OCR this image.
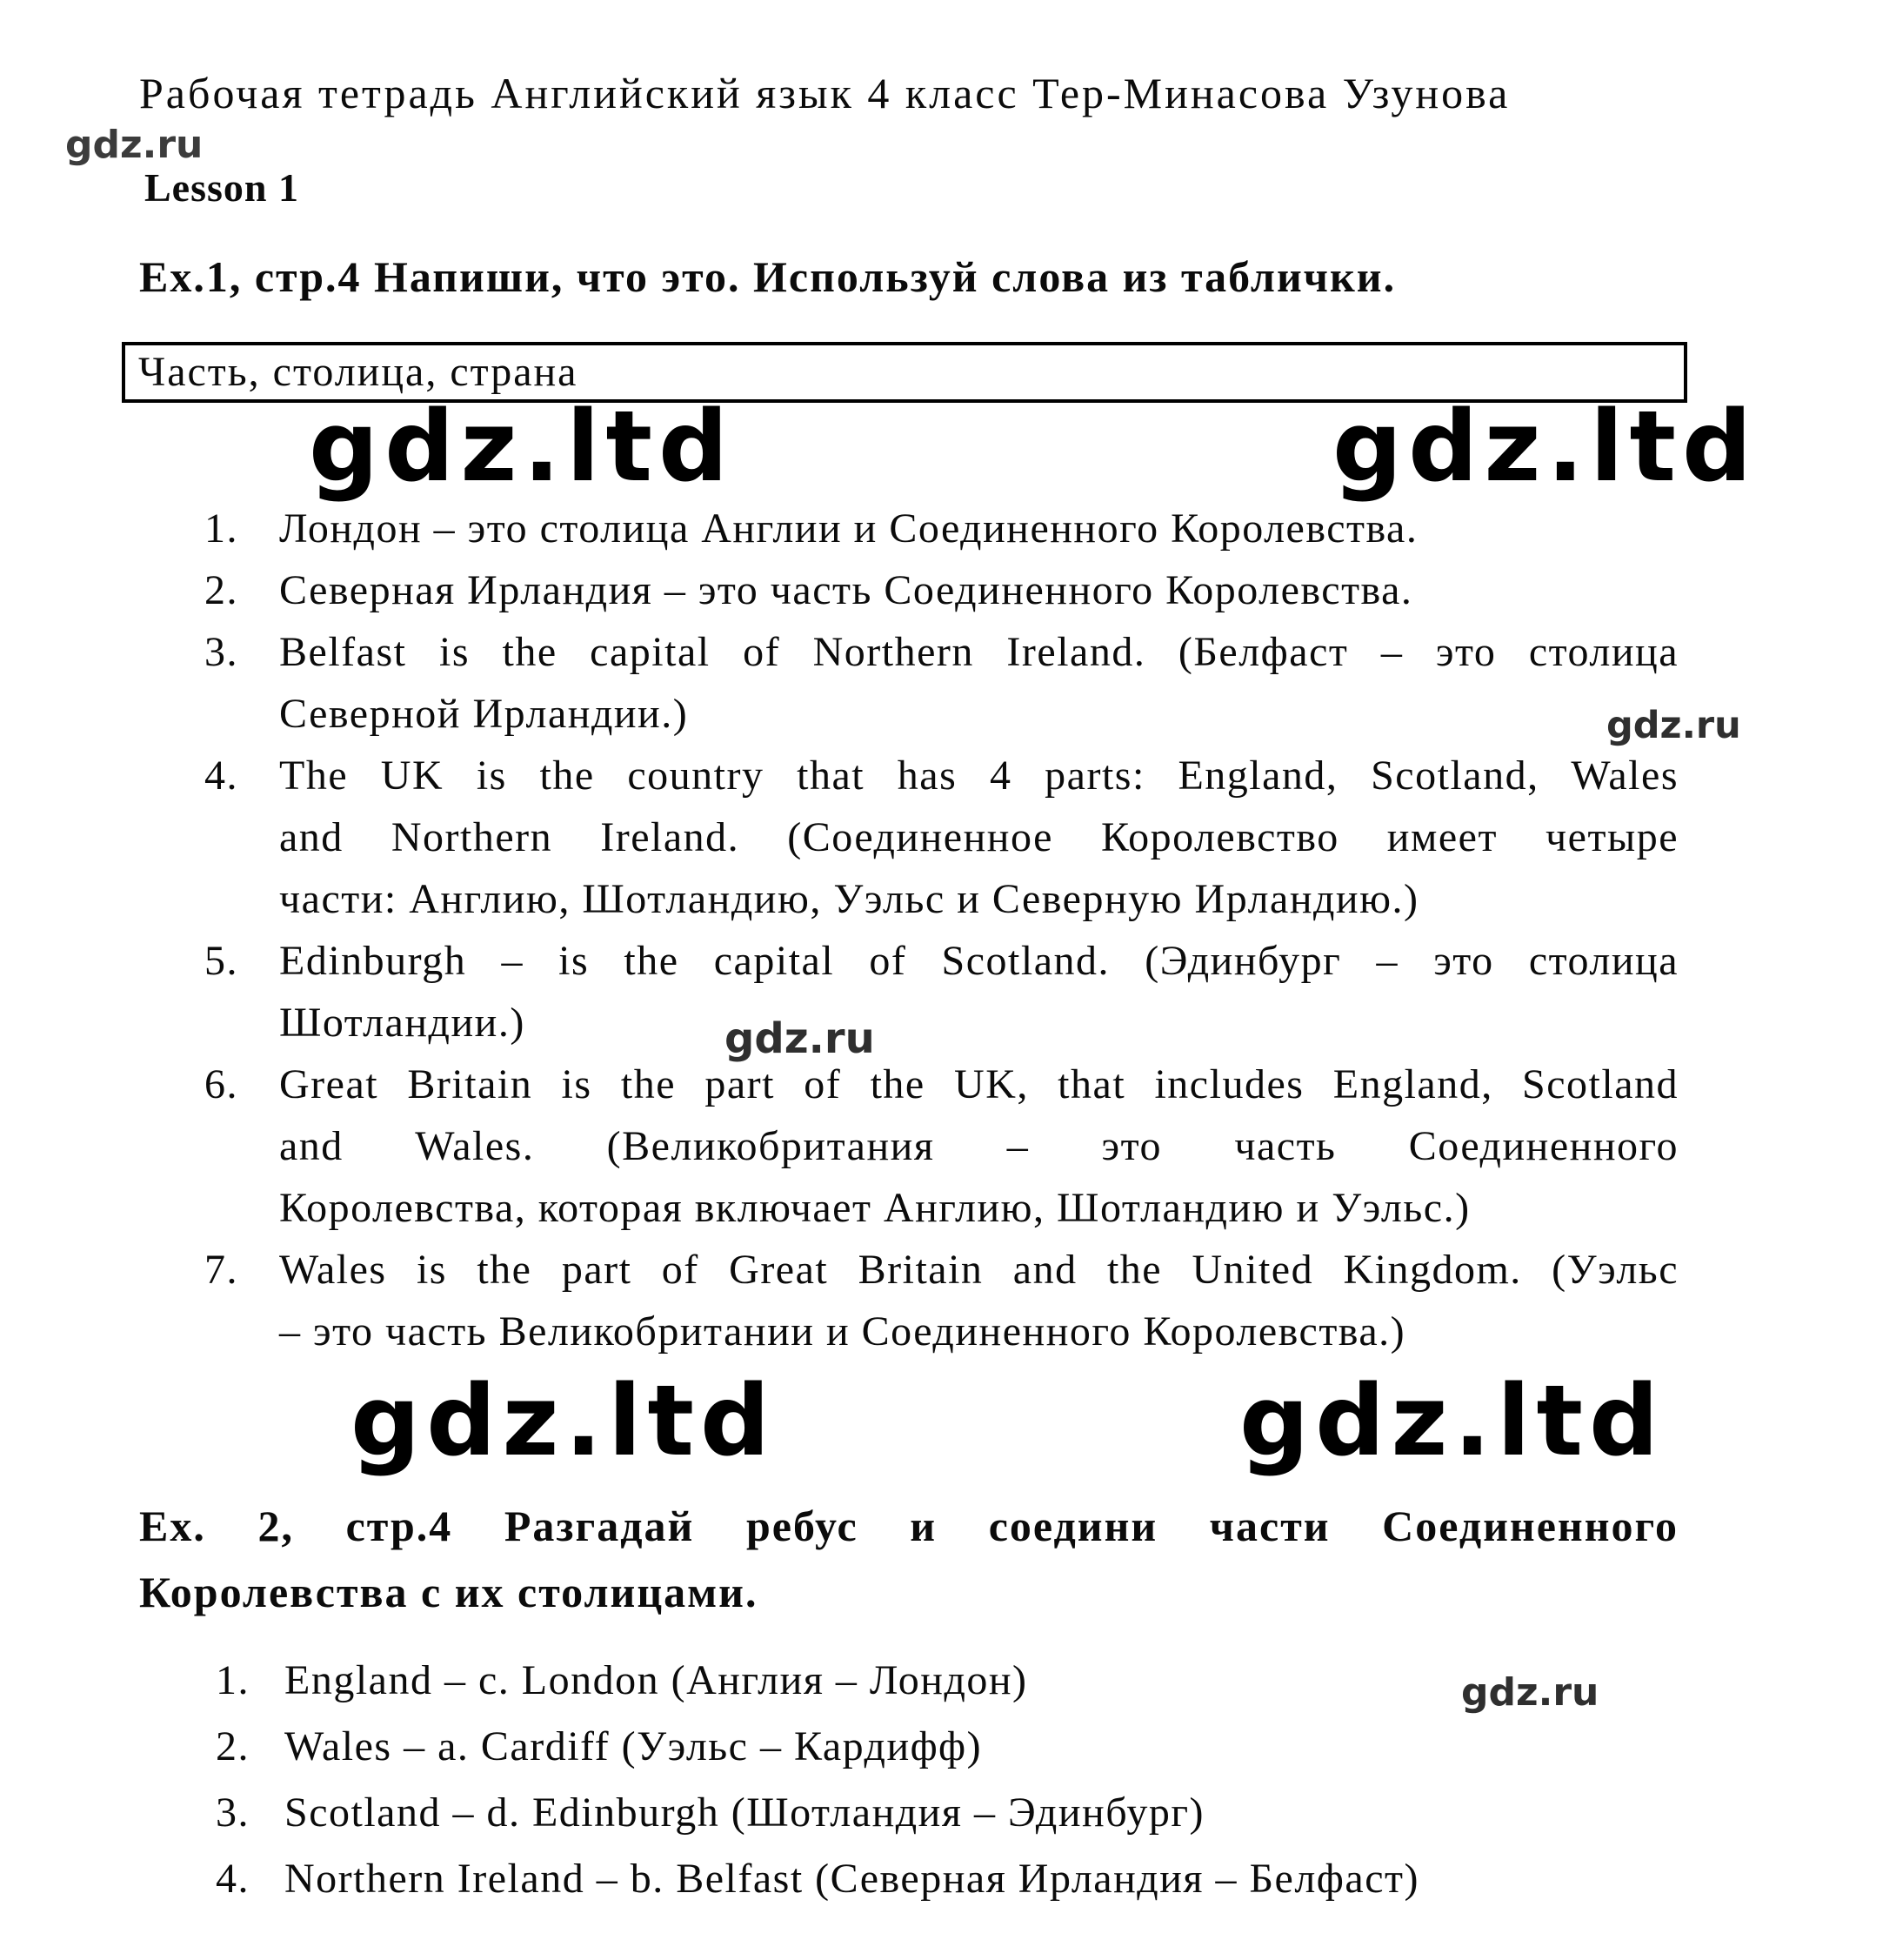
Рабочая тетрадь Английский язык 4 класс Тер-Минасова Узунова
gdz.ru
Lesson 1
Ex.1, стр.4 Напиши, что это. Используй слова из таблички.
Часть, столица, страна
gdz.ltd	gdz.ltd
gdz.ltd	gdz.ltd
gdz.ru
gdz.ru
gdz.ru
1. Лондон – это столица Англии и Соединенного Королевства.
2. Северная Ирландия – это часть Соединенного Королевства.
3. Belfast is the capital of Northern Ireland. (Белфаст – это столица
Северной Ирландии.)
4. The UK is the country that has 4 parts: England, Scotland, Wales
and Northern Ireland. (Соединенное Королевство имеет четыре
части: Англию, Шотландию, Уэльс и Северную Ирландию.)
5. Edinburgh – is the capital of Scotland. (Эдинбург – это столица
Шотландии.)
6. Great Britain is the part of the UK, that includes England, Scotland
and Wales. (Великобритания – это часть Соединенного
Королевства, которая включает Англию, Шотландию и Уэльс.)
7. Wales is the part of Great Britain and the United Kingdom. (Уэльс
– это часть Великобритании и Соединенного Королевства.)
Ex. 2, стр.4 Разгадай ребус и соедини части Соединенного
Королевства с их столицами.
1. England – c. London (Англия – Лондон)
2. Wales – a. Cardiff (Уэльс – Кардифф)
3. Scotland – d. Edinburgh (Шотландия – Эдинбург)
4. Northern Ireland – b. Belfast (Северная Ирландия – Белфаст)
